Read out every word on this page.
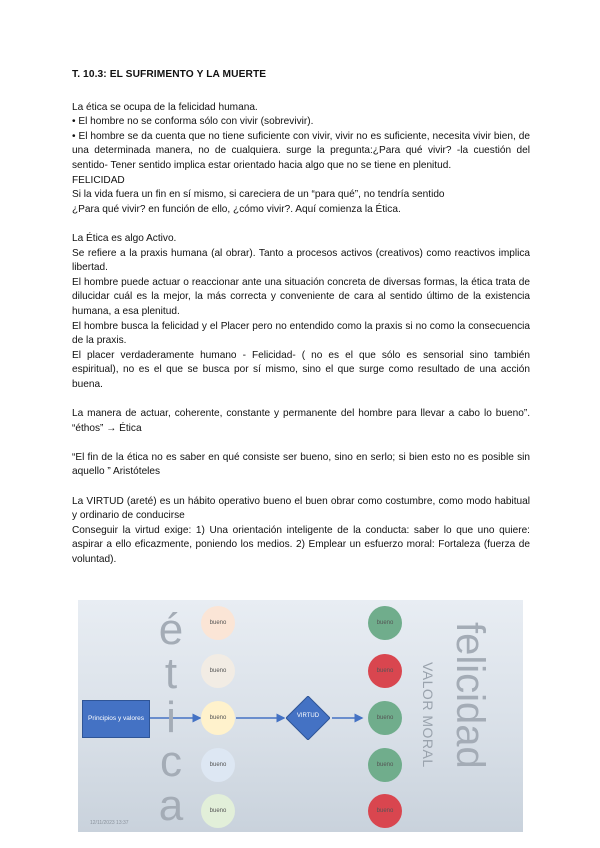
T. 10.3: EL SUFRIMENTO Y LA MUERTE

La ética se ocupa de la felicidad humana.

• El hombre no se conforma sólo con vivir (sobrevivir).

• El hombre se da cuenta que no tiene suficiente con vivir, vivir no es suficiente, necesita vivir bien, de una determinada manera, no de cualquiera. surge la pregunta:¿Para qué vivir? -la cuestión del sentido- Tener sentido implica estar orientado hacia algo que no se tiene en plenitud.

FELICIDAD

Si la vida fuera un fin en sí mismo, si careciera de un “para qué”, no tendría sentido

¿Para qué vivir? en función de ello, ¿cómo vivir?. Aquí comienza la Ética.

La Ética es algo Activo.

Se refiere a la praxis humana (al obrar). Tanto a procesos activos (creativos) como reactivos implica libertad.

El hombre puede actuar o reaccionar ante una situación concreta de diversas formas, la ética trata de dilucidar cuál es la mejor, la más correcta y conveniente de cara al sentido último de la existencia humana, a esa plenitud.

El hombre busca la felicidad y el Placer pero no entendido como la praxis si no como la consecuencia de la praxis.

El placer verdaderamente humano - Felicidad- ( no es el que sólo es sensorial sino también espiritual), no es el que se busca por sí mismo, sino el que surge como resultado de una acción buena.

La manera de actuar, coherente, constante y permanente del hombre para llevar a cabo lo bueno”. “éthos” → Ética

“El fin de la ética no es saber en qué consiste ser bueno, sino en serlo; si bien esto no es posible sin aquello ” Aristóteles

La VIRTUD (areté) es un hábito operativo bueno el buen obrar como costumbre, como modo habitual y ordinario de conducirse

Conseguir la virtud exige: 1) Una orientación inteligente de la conducta: saber lo que uno quiere: aspirar a ello eficazmente, poniendo los medios. 2) Emplear un esfuerzo moral: Fortaleza (fuerza de voluntad).

é
t
i
c
a
Principios y valores
bueno
bueno
bueno
bueno
bueno
VIRTUD
bueno
bueno
bueno
bueno
bueno
VALOR MORAL felicidad
12/11/2023 13:37
